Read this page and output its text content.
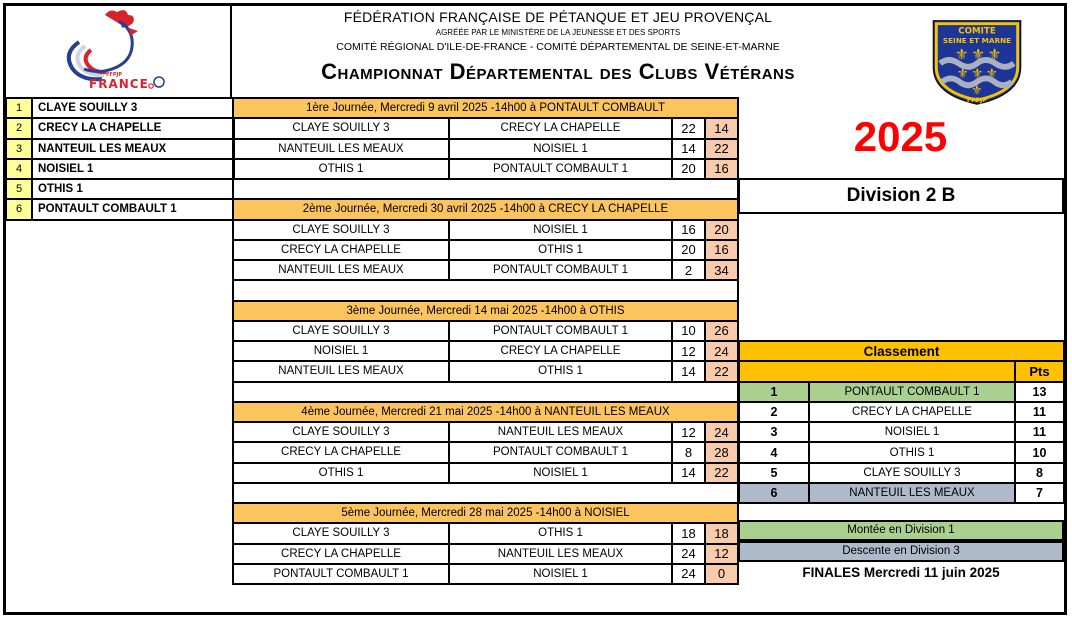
FFPJP
FRANCE
FÉDÉRATION FRANÇAISE DE PÉTANQUE ET JEU PROVENÇAL
AGRÉÉE PAR LE MINISTÈRE DE LA JEUNESSE ET DES SPORTS
COMITÉ RÉGIONAL D'ILE-DE-FRANCE - COMITÉ DÉPARTEMENTAL DE SEINE-ET-MARNE
Championnat Départemental des Clubs Vétérans
COMITE
SEINE ET MARNE
⚜ ⚜ ⚜
⚜ ⚜ ⚜
⚜
FFPJP
1	CLAYE SOUILLY 3
2	CRECY LA CHAPELLE
3	NANTEUIL LES MEAUX
4	NOISIEL 1
5	OTHIS 1
6	PONTAULT COMBAULT 1
1ère Journée, Mercredi 9 avril 2025 -14h00 à PONTAULT COMBAULT			
CLAYE SOUILLY 3	CRECY LA CHAPELLE	22	14
NANTEUIL LES MEAUX	NOISIEL 1	14	22
OTHIS 1	PONTAULT COMBAULT 1	20	16

2ème Journée, Mercredi 30 avril 2025 -14h00 à CRECY LA CHAPELLE			
CLAYE SOUILLY 3	NOISIEL 1	16	20
CRECY LA CHAPELLE	OTHIS 1	20	16
NANTEUIL LES MEAUX	PONTAULT COMBAULT 1	2	34

3ème Journée, Mercredi 14 mai 2025 -14h00 à OTHIS			
CLAYE SOUILLY 3	PONTAULT COMBAULT 1	10	26
NOISIEL 1	CRECY LA CHAPELLE	12	24
NANTEUIL LES MEAUX	OTHIS 1	14	22

4ème Journée, Mercredi 21 mai 2025 -14h00 à NANTEUIL LES MEAUX			
CLAYE SOUILLY 3	NANTEUIL LES MEAUX	12	24
CRECY LA CHAPELLE	PONTAULT COMBAULT 1	8	28
OTHIS 1	NOISIEL 1	14	22

5ème Journée, Mercredi 28 mai 2025 -14h00 à NOISIEL			
CLAYE SOUILLY 3	OTHIS 1	18	18
CRECY LA CHAPELLE	NANTEUIL LES MEAUX	24	12
PONTAULT COMBAULT 1	NOISIEL 1	24	0
2025
Division 2 B
Classement		
		Pts
1	PONTAULT COMBAULT 1	13
2	CRECY LA CHAPELLE	11
3	NOISIEL 1	11
4	OTHIS 1	10
5	CLAYE SOUILLY 3	8
6	NANTEUIL LES MEAUX	7
Montée en Division 1
Descente en Division 3
FINALES Mercredi 11 juin 2025
